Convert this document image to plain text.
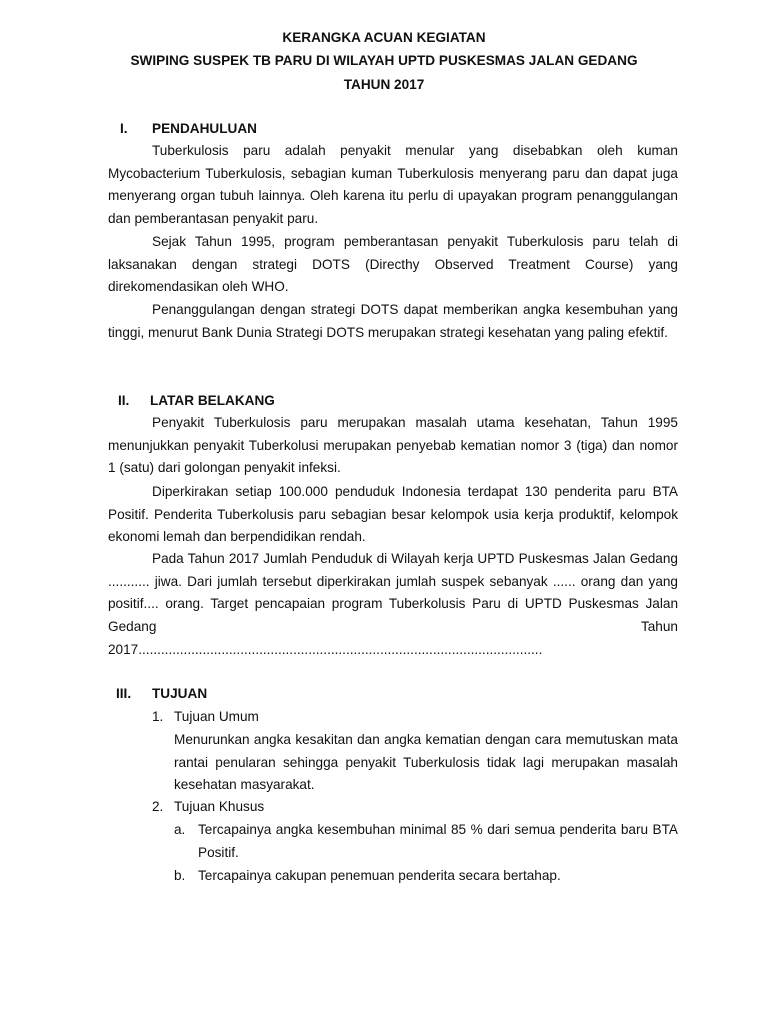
KERANGKA ACUAN KEGIATAN
SWIPING SUSPEK TB PARU DI WILAYAH UPTD PUSKESMAS JALAN GEDANG
TAHUN 2017
I. PENDAHULUAN

Tuberkulosis paru adalah penyakit menular yang disebabkan oleh kuman Mycobacterium Tuberkulosis, sebagian kuman Tuberkulosis menyerang paru dan dapat juga menyerang organ tubuh lainnya. Oleh karena itu perlu di upayakan program penanggulangan dan pemberantasan penyakit paru.

Sejak Tahun 1995, program pemberantasan penyakit Tuberkulosis paru telah di laksanakan dengan strategi DOTS (Directhy Observed Treatment Course) yang direkomendasikan oleh WHO.

Penanggulangan dengan strategi DOTS dapat memberikan angka kesembuhan yang tinggi, menurut Bank Dunia Strategi DOTS merupakan strategi kesehatan yang paling efektif.

II. LATAR BELAKANG

Penyakit Tuberkulosis paru merupakan masalah utama kesehatan, Tahun 1995 menunjukkan penyakit Tuberkolusi merupakan penyebab kematian nomor 3 (tiga) dan nomor 1 (satu) dari golongan penyakit infeksi.

Diperkirakan setiap 100.000 penduduk Indonesia terdapat 130 penderita paru BTA Positif. Penderita Tuberkolusis paru sebagian besar kelompok usia kerja produktif, kelompok ekonomi lemah dan berpendidikan rendah.

Pada Tahun 2017 Jumlah Penduduk di Wilayah kerja UPTD Puskesmas Jalan Gedang ........... jiwa. Dari jumlah tersebut diperkirakan jumlah suspek sebanyak ...... orang dan yang positif.... orang. Target pencapaian program Tuberkolusis Paru di UPTD Puskesmas Jalan Gedang Tahun

2017...........................................................................................................

III. TUJUAN
1. Tujuan Umum

Menurunkan angka kesakitan dan angka kematian dengan cara memutuskan mata rantai penularan sehingga penyakit Tuberkulosis tidak lagi merupakan masalah kesehatan masyarakat.

2. Tujuan Khusus
a. Tercapainya angka kesembuhan minimal 85 % dari semua penderita baru BTA Positif.
b. Tercapainya cakupan penemuan penderita secara bertahap.
